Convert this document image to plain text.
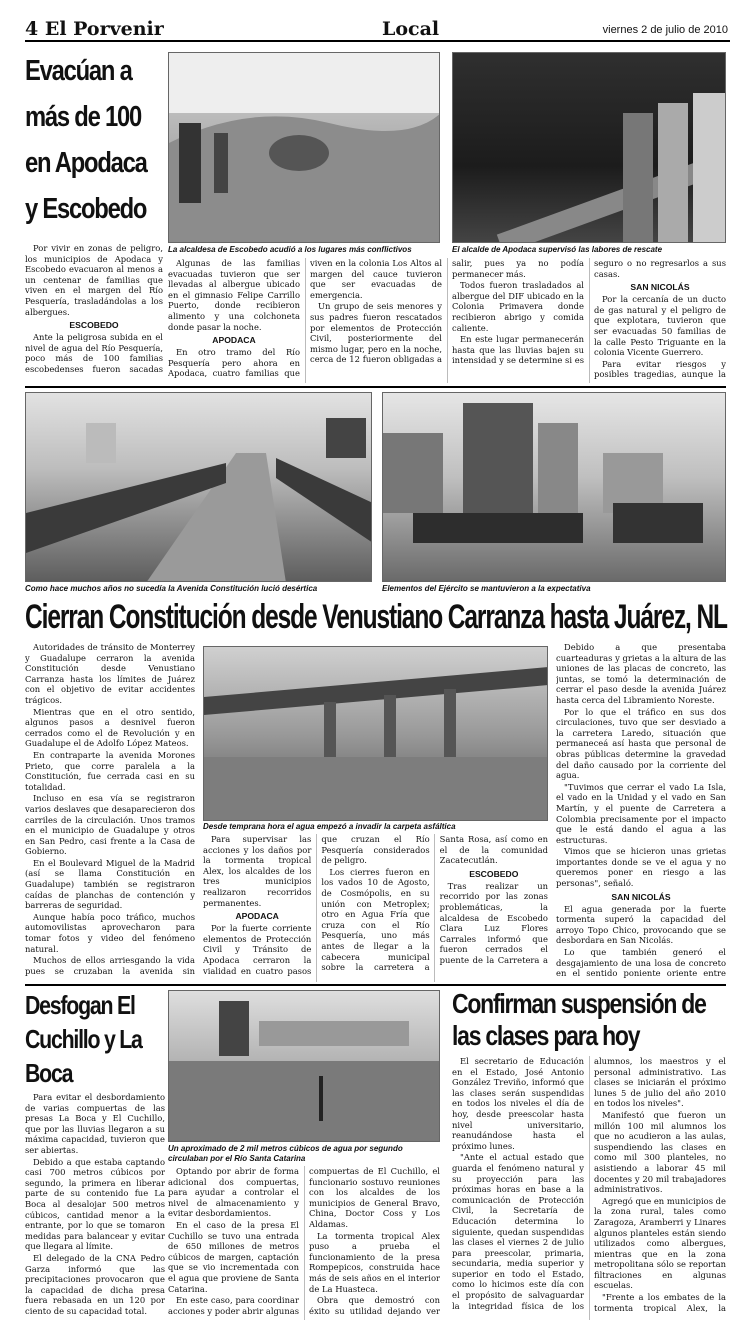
4 El Porvenir	Local	viernes 2 de julio de 2010
Evacúan a más de 100 en Apodaca y Escobedo
La alcaldesa de Escobedo acudió a los lugares más conflictivos	El alcalde de Apodaca supervisó las labores de rescate

Por vivir en zonas de peligro, los municipios de Apodaca y Escobedo evacuaron al menos a un centenar de familias que viven en el margen del Río Pesquería, trasladándolas a los albergues.

ESCOBEDO

Ante la peligrosa subida en el nivel de agua del Río Pesquería, poco más de 100 familias escobedenses fueron sacadas

Algunas de las familias evacuadas tuvieron que ser llevadas al albergue ubicado en el gimnasio Felipe Carrillo Puerto, donde recibieron alimento y una colchoneta donde pasar la noche.

APODACA

En otro tramo del Río Pesquería pero ahora en Apodaca, cuatro familias que viven en la colonia Los Altos al margen del cauce tuvieron que ser evacuadas de emergencia.

Un grupo de seis menores y sus padres fueron rescatados por elementos de Protección Civil, posteriormente del mismo lugar, pero en la noche, cerca de 12 fueron obligadas a salir, pues ya no podía permanecer más.

Todos fueron trasladados al albergue del DIF ubicado en la Colonia Primavera donde recibieron abrigo y comida caliente.

En este lugar permanecerán hasta que las lluvias bajen su intensidad y se determine si es seguro o no regresarlos a sus casas.

SAN NICOLÁS

Por la cercanía de un ducto de gas natural y el peligro de que explotara, tuvieron que ser evacuadas 50 familias de la calle Pesto Triguante en la colonia Vicente Guerrero.

Para evitar riesgos y posibles tragedias, aunque la

Como hace muchos años no sucedía la Avenida Constitución lució desértica	Elementos del Ejército se mantuvieron a la expectativa
Cierran Constitución desde Venustiano Carranza hasta Juárez, NL

Autoridades de tránsito de Monterrey y Guadalupe cerraron la avenida Constitución desde Venustiano Carranza hasta los límites de Juárez con el objetivo de evitar accidentes trágicos.

Mientras que en el otro sentido, algunos pasos a desnivel fueron cerrados como el de Revolución y en Guadalupe el de Adolfo López Mateos.

En contraparte la avenida Morones Prieto, que corre paralela a la Constitución, fue cerrada casi en su totalidad.

Incluso en esa vía se registraron varios deslaves que desaparecieron dos carriles de la circulación. Unos tramos en el municipio de Guadalupe y otros en San Pedro, casi frente a la Casa de Gobierno.

En el Boulevard Miguel de la Madrid (así se llama Constitución en Guadalupe) también se registraron caídas de planchas de contención y barreras de seguridad.

Aunque había poco tráfico, muchos automovilistas aprovecharon para tomar fotos y video del fenómeno natural.

Muchos de ellos arriesgando la vida pues se cruzaban la avenida sin

Desde temprana hora el agua empezó a invadir la carpeta asfáltica

Para supervisar las acciones y los daños por la tormenta tropical Alex, los alcaldes de los tres municipios realizaron recorridos permanentes.

APODACA

Por la fuerte corriente elementos de Protección Civil y Tránsito de Apodaca cerraron la vialidad en cuatro pasos que cruzan el Río Pesquería considerados de peligro.

Los cierres fueron en los vados 10 de Agosto, de Cosmópolis, en su unión con Metroplex; otro en Agua Fría que cruza con el Río Pesquería, uno más antes de llegar a la cabecera municipal sobre la carretera a Santa Rosa, así como en el de la comunidad Zacatecutlán.

ESCOBEDO

Tras realizar un recorrido por las zonas problemáticas, la alcaldesa de Escobedo Clara Luz Flores Carrales informó que fueron cerrados el puente de la Carretera a

Debido a que presentaba cuarteaduras y grietas a la altura de las uniones de las placas de concreto, las juntas, se tomó la determinación de cerrar el paso desde la avenida Juárez hasta cerca del Libramiento Noreste.

Por lo que el tráfico en sus dos circulaciones, tuvo que ser desviado a la carretera Laredo, situación que permaneceá así hasta que personal de obras públicas determine la gravedad del daño causado por la corriente del agua.

"Tuvimos que cerrar el vado La Isla, el vado en la Unidad y el vado en San Martín, y el puente de Carretera a Colombia precisamente por el impacto que le está dando el agua a las estructuras.

Vimos que se hicieron unas grietas importantes donde se ve el agua y no queremos poner en riesgo a las personas", señaló.

SAN NICOLÁS

El agua generada por la fuerte tormenta superó la capacidad del arroyo Topo Chico, provocando que se desbordara en San Nicolás.

Lo que también generó el desgajamiento de una losa de concreto en el sentido poniente oriente entre

Desfogan El Cuchillo y La Boca

Para evitar el desbordamiento de varias compuertas de las presas La Boca y El Cuchillo, que por las lluvias llegaron a su máxima capacidad, tuvieron que ser abiertas.

Debido a que estaba captando casi 700 metros cúbicos por segundo, la primera en liberar parte de su contenido fue La Boca al desalojar 500 metros cúbicos, cantidad menor a la entrante, por lo que se tomaron medidas para balancear y evitar que llegara al límite.

El delegado de la CNA Pedro Garza informó que las precipitaciones provocaron que la capacidad de dicha presa fuera rebasada en un 120 por ciento de su capacidad total.

Un aproximado de 2 mil metros cúbicos de agua por segundo circulaban por el Río Santa Catarina

Optando por abrir de forma adicional dos compuertas, para ayudar a controlar el nivel de almacenamiento y evitar desbordamientos.

En el caso de la presa El Cuchillo se tuvo una entrada de 650 millones de metros cúbicos de margen, captación que se vio incrementada con el agua que proviene de Santa Catarina.

En este caso, para coordinar acciones y poder abrir algunas compuertas de El Cuchillo, el funcionario sostuvo reuniones con los alcaldes de los municipios de General Bravo, China, Doctor Coss y Los Aldamas.

La tormenta tropical Alex puso a prueba el funcionamiento de la presa Rompepicos, construida hace más de seis años en el interior de La Huasteca.

Obra que demostró con éxito su utilidad dejando ver

Confirman suspensión de las clases para hoy

El secretario de Educación en el Estado, José Antonio González Treviño, informó que las clases serán suspendidas en todos los niveles el día de hoy, desde preescolar hasta nivel universitario, reanudándose hasta el próximo lunes.

"Ante el actual estado que guarda el fenómeno natural y su proyección para las próximas horas en base a la comunicación de Protección Civil, la Secretaría de Educación determina lo siguiente, quedan suspendidas las clases el viernes 2 de julio para preescolar, primaria, secundaria, media superior y superior en todo el Estado, como lo hicimos este día con el propósito de salvaguardar la integridad física de los alumnos, los maestros y el personal administrativo. Las clases se iniciarán el próximo lunes 5 de julio del año 2010 en todos los niveles".

Manifestó que fueron un millón 100 mil alumnos los que no acudieron a las aulas, suspendiendo las clases en como mil 300 planteles, no asistiendo a laborar 45 mil docentes y 20 mil trabajadores administrativos.

Agregó que en municipios de la zona rural, tales como Zaragoza, Aramberri y Linares algunos planteles están siendo utilizados como albergues, mientras que en la zona metropolitana sólo se reportan filtraciones en algunas escuelas.

"Frente a los embates de la tormenta tropical Alex, la
